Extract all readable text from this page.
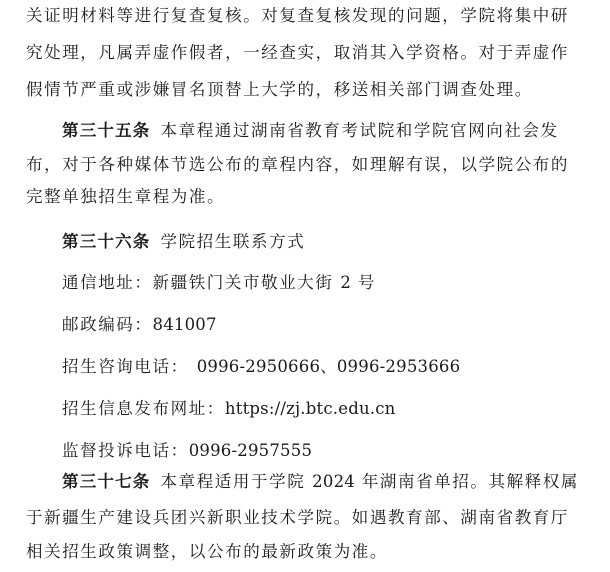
关证明材料等进行复查复核。对复查复核发现的问题，学院将集中研
究处理，凡属弄虚作假者，一经查实，取消其入学资格。对于弄虚作
假情节严重或涉嫌冒名顶替上大学的，移送相关部门调查处理。
第三十五条 本章程通过湖南省教育考试院和学院官网向社会发
布，对于各种媒体节选公布的章程内容，如理解有误，以学院公布的
完整单独招生章程为准。
第三十六条 学院招生联系方式
通信地址：新疆铁门关市敬业大街 2 号
邮政编码：841007
招生咨询电话： 0996-2950666、0996-2953666
招生信息发布网址：https://zj.btc.edu.cn
监督投诉电话：0996-2957555
第三十七条 本章程适用于学院 2024 年湖南省单招。其解释权属
于新疆生产建设兵团兴新职业技术学院。如遇教育部、湖南省教育厅
相关招生政策调整，以公布的最新政策为准。
